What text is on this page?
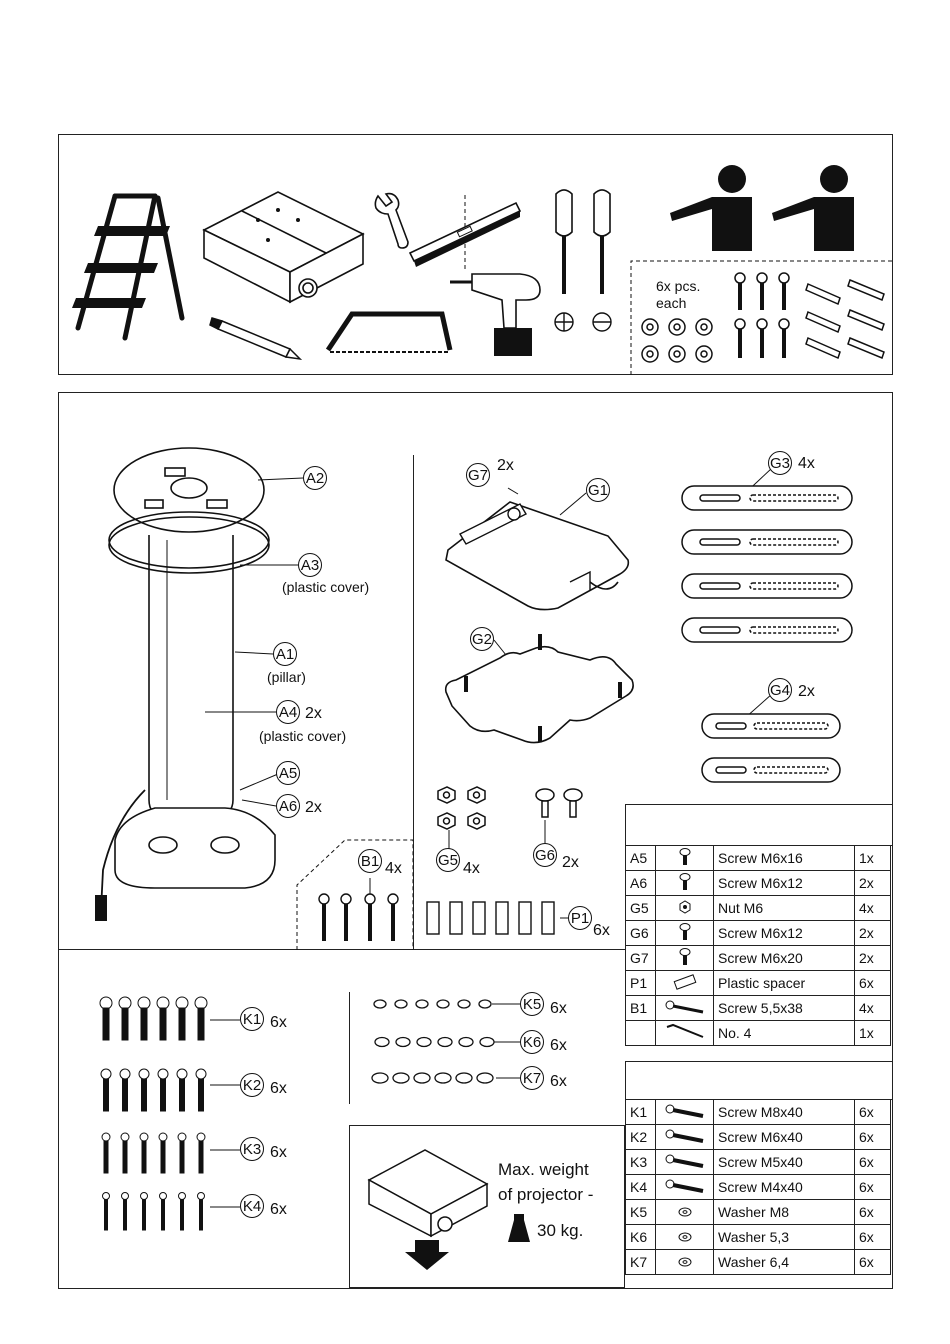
6x pcs.
each
A2
A3
(plastic cover)
A1
(pillar)
A4 2x
(plastic cover)
A5
A6 2x
G7
2x
G1
G2
G3 4x
G4 2x
B1 4x G5 4x
G6 2x
P1
6x
K1 6x
K2 6x
K3 6x
K4 6x
K5 6x
K6 6x
K7 6x
Max. weight
of projector -
30 kg.
A5		Screw M6x16	1x
A6		Screw M6x12	2x
G5		Nut M6	4x
G6		Screw M6x12	2x
G7		Screw M6x20	2x
P1		Plastic spacer	6x
B1		Screw 5,5x38	4x
		No. 4	1x
K1		Screw M8x40	6x
K2		Screw M6x40	6x
K3		Screw M5x40	6x
K4		Screw M4x40	6x
K5		Washer M8	6x
K6		Washer 5,3	6x
K7		Washer 6,4	6x
